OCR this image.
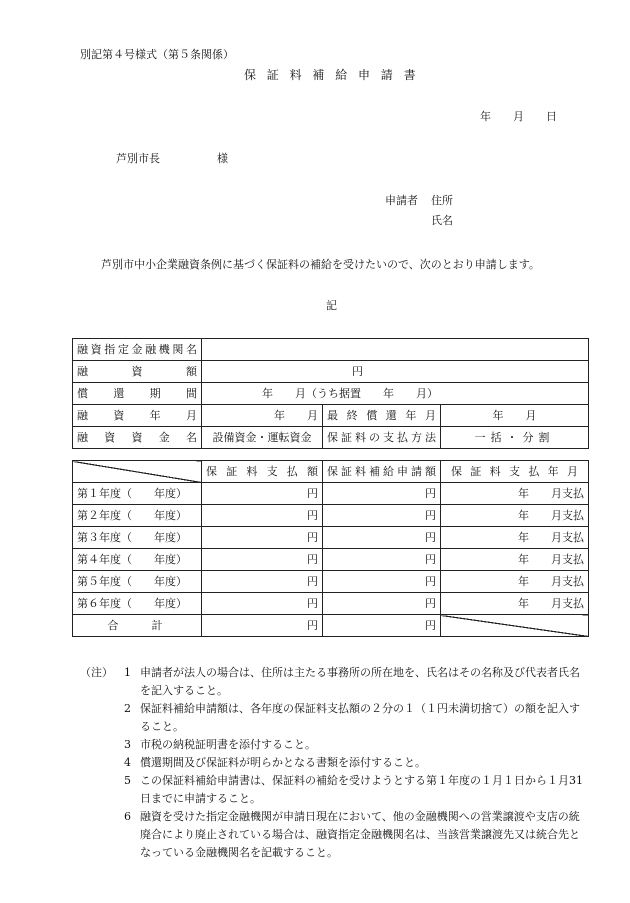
別記第４号様式（第５条関係）
保証料補給申請書
年　　月　　日
芦別市長	様
申請者 住所
氏名
芦別市中小企業融資条例に基づく保証料の補給を受けたいので、次のとおり申請します。
記
融資指定金融機関名			
融資額	円		
償還期間	年　　月（うち据置　　年　　月）		
融資年月	年　　月	最終償還年月	年　　月
融資資金名	設備資金・運転資金	保証料の支払方法	一括・分割
	保証料支払額	保証料補給申請額	保証料支払年月
第１年度（　　年度）	円	円	年　　月支払
第２年度（　　年度）	円	円	年　　月支払
第３年度（　　年度）	円	円	年　　月支払
第４年度（　　年度）	円	円	年　　月支払
第５年度（　　年度）	円	円	年　　月支払
第６年度（　　年度）	円	円	年　　月支払
合計	円	円	
（注）	1 申請者が法人の場合は、住所は主たる事務所の所在地を、氏名はその名称及び代表者氏名を記入すること。
2 保証料補給申請額は、各年度の保証料支払額の２分の１（１円未満切捨て）の額を記入すること。
3 市税の納税証明書を添付すること。
4 償還期間及び保証料が明らかとなる書類を添付すること。
5 この保証料補給申請書は、保証料の補給を受けようとする第１年度の１月１日から１月31日までに申請すること。
6 融資を受けた指定金融機関が申請日現在において、他の金融機関への営業譲渡や支店の統廃合により廃止されている場合は、融資指定金融機関名は、当該営業譲渡先又は統合先となっている金融機関名を記載すること。
